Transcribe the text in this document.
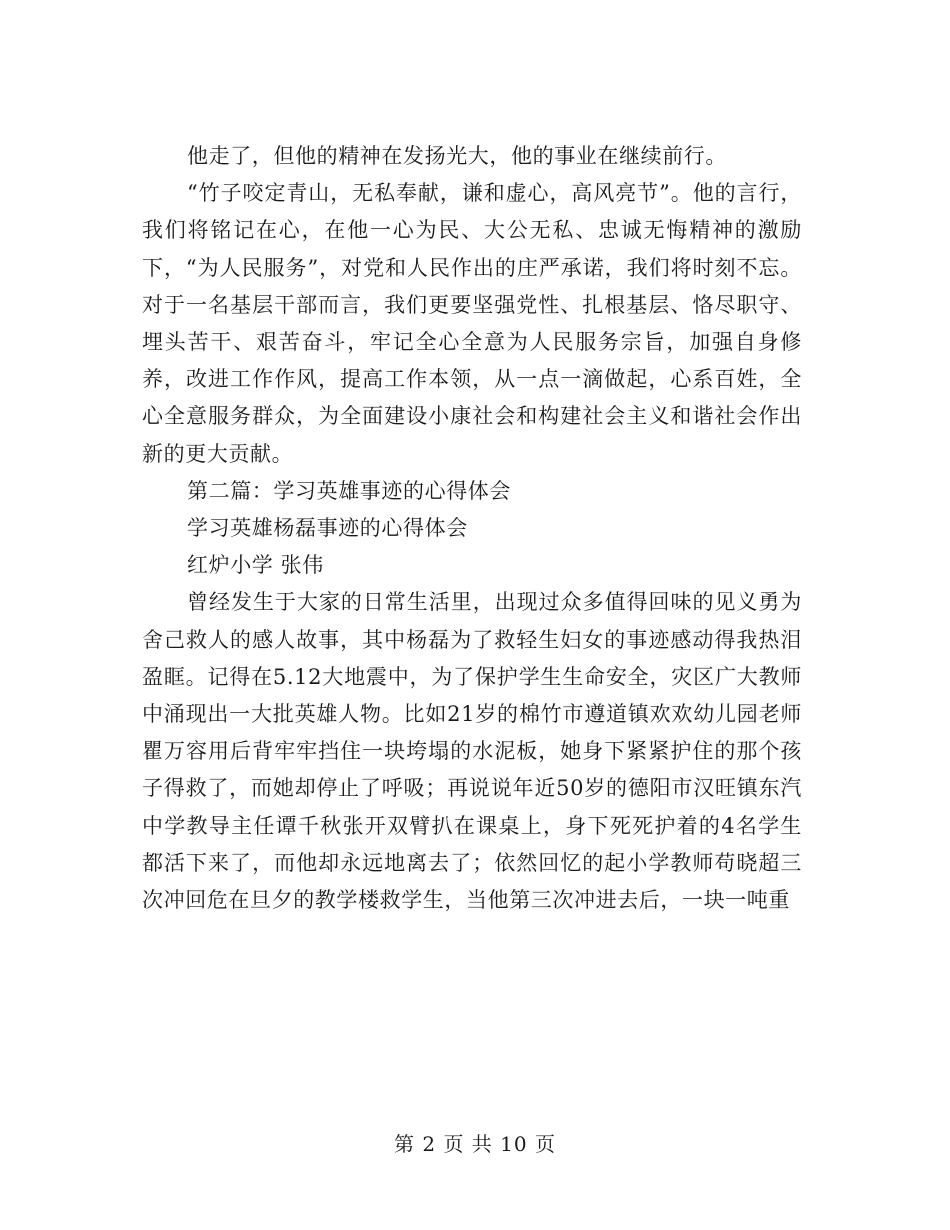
他走了，但他的精神在发扬光大，他的事业在继续前行。

“竹子咬定青山，无私奉献，谦和虚心，高风亮节”。他的言行，我们将铭记在心，在他一心为民、大公无私、忠诚无悔精神的激励下，“为人民服务”，对党和人民作出的庄严承诺，我们将时刻不忘。对于一名基层干部而言，我们更要坚强党性、扎根基层、恪尽职守、埋头苦干、艰苦奋斗，牢记全心全意为人民服务宗旨，加强自身修养，改进工作作风，提高工作本领，从一点一滴做起，心系百姓，全心全意服务群众，为全面建设小康社会和构建社会主义和谐社会作出新的更大贡献。

第二篇：学习英雄事迹的心得体会

学习英雄杨磊事迹的心得体会

红炉小学 张伟

曾经发生于大家的日常生活里，出现过众多值得回味的见义勇为舍己救人的感人故事，其中杨磊为了救轻生妇女的事迹感动得我热泪盈眶。记得在5.12大地震中，为了保护学生生命安全，灾区广大教师中涌现出一大批英雄人物。比如21岁的棉竹市遵道镇欢欢幼儿园老师瞿万容用后背牢牢挡住一块垮塌的水泥板，她身下紧紧护住的那个孩子得救了，而她却停止了呼吸；再说说年近50岁的德阳市汉旺镇东汽中学教导主任谭千秋张开双臂扒在课桌上，身下死死护着的4名学生都活下来了，而他却永远地离去了；依然回忆的起小学教师苟晓超三次冲回危在旦夕的教学楼救学生，当他第三次冲进去后，一块一吨重

第 2 页 共 10 页
